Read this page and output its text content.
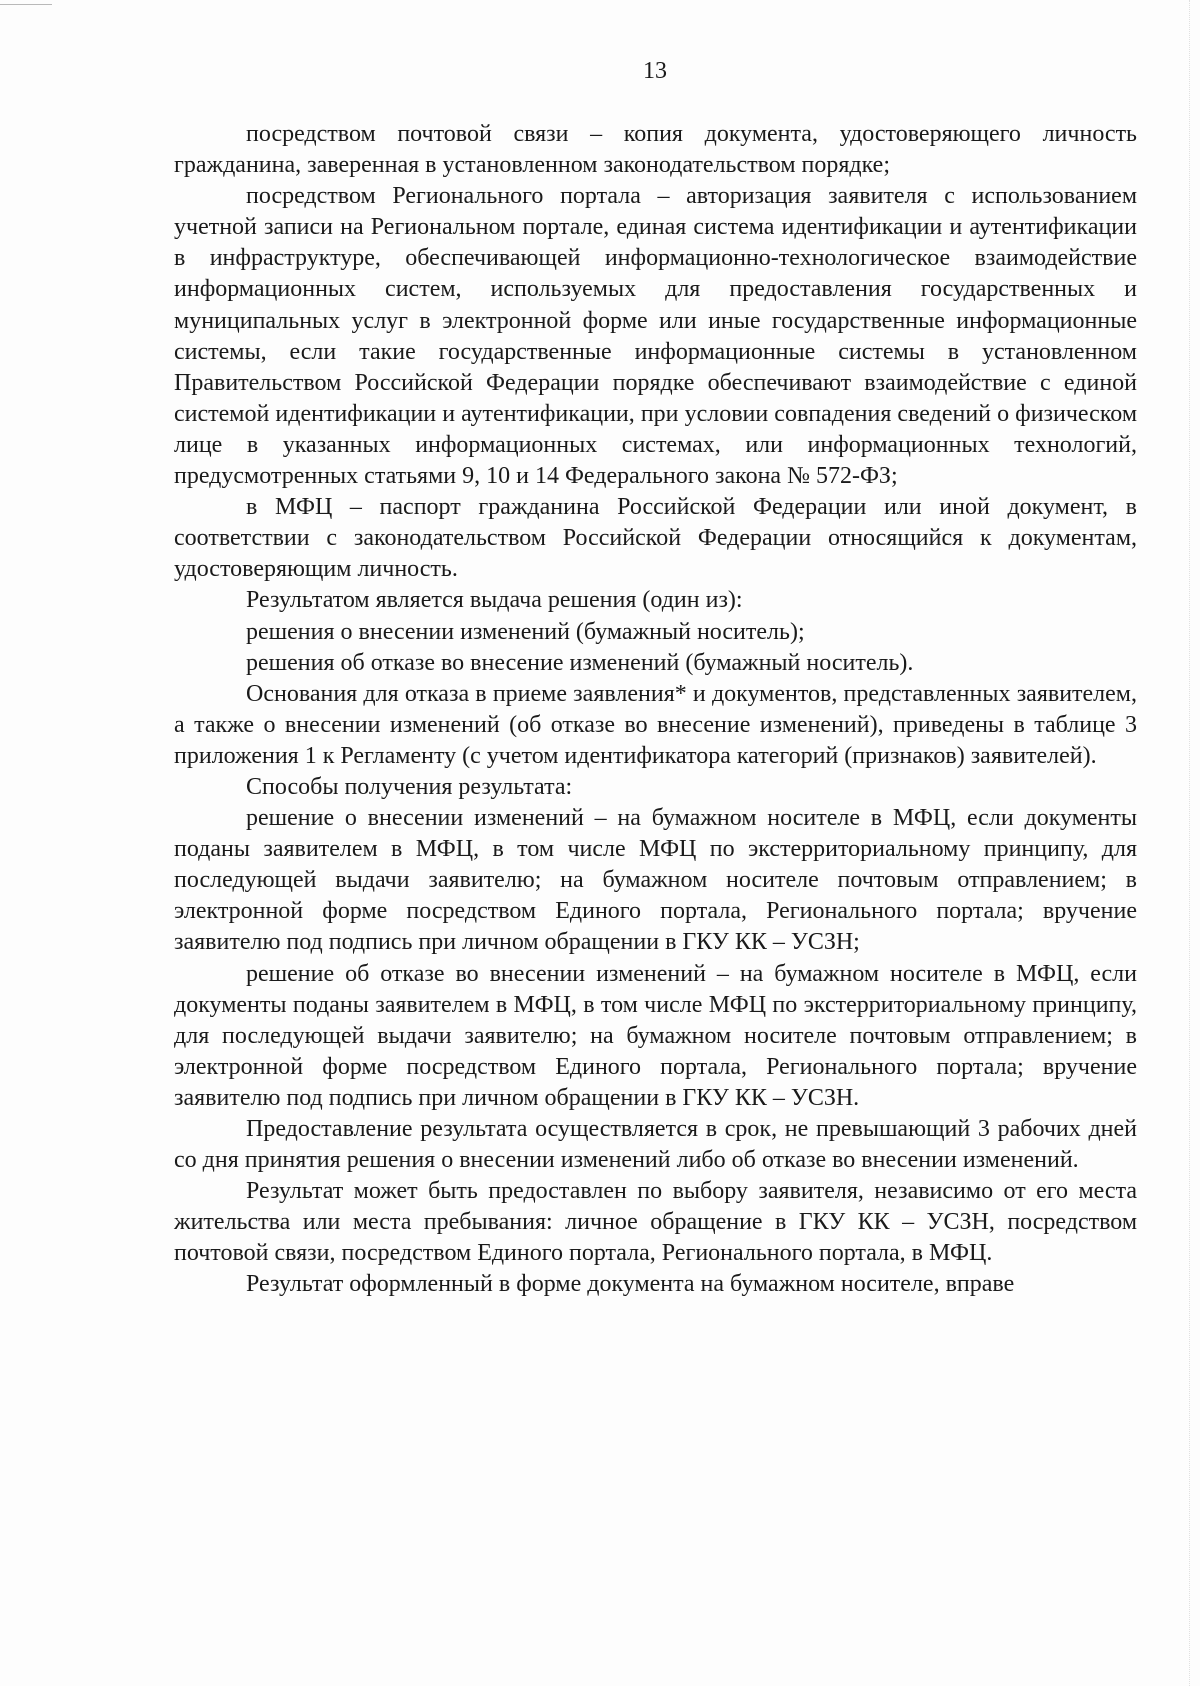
13

посредством почтовой связи – копия документа, удостоверяющего личность гражданина, заверенная в установленном законодательством порядке;

посредством Регионального портала – авторизация заявителя с использованием учетной записи на Региональном портале, единая система идентификации и аутентификации в инфраструктуре, обеспечивающей информационно-технологическое взаимодействие информационных систем, используемых для предоставления государственных и муниципальных услуг в электронной форме или иные государственные информационные системы, если такие государственные информационные системы в установленном Правительством Российской Федерации порядке обеспечивают взаимодействие с единой системой идентификации и аутентификации, при условии совпадения сведений о физическом лице в указанных информационных системах, или информационных технологий, предусмотренных статьями 9, 10 и 14 Федерального закона № 572-ФЗ;

в МФЦ – паспорт гражданина Российской Федерации или иной документ, в соответствии с законодательством Российской Федерации относящийся к документам, удостоверяющим личность.

Результатом является выдача решения (один из):

решения о внесении изменений (бумажный носитель);

решения об отказе во внесение изменений (бумажный носитель).

Основания для отказа в приеме заявления* и документов, представленных заявителем, а также о внесении изменений (об отказе во внесение изменений), приведены в таблице 3 приложения 1 к Регламенту (с учетом идентификатора категорий (признаков) заявителей).

Способы получения результата:

решение о внесении изменений – на бумажном носителе в МФЦ, если документы поданы заявителем в МФЦ, в том числе МФЦ по экстерриториальному принципу, для последующей выдачи заявителю; на бумажном носителе почтовым отправлением; в электронной форме посредством Единого портала, Регионального портала; вручение заявителю под подпись при личном обращении в ГКУ КК – УСЗН;

решение об отказе во внесении изменений – на бумажном носителе в МФЦ, если документы поданы заявителем в МФЦ, в том числе МФЦ по экстерриториальному принципу, для последующей выдачи заявителю; на бумажном носителе почтовым отправлением; в электронной форме посредством Единого портала, Регионального портала; вручение заявителю под подпись при личном обращении в ГКУ КК – УСЗН.

Предоставление результата осуществляется в срок, не превышающий 3 рабочих дней со дня принятия решения о внесении изменений либо об отказе во внесении изменений.

Результат может быть предоставлен по выбору заявителя, независимо от его места жительства или места пребывания: личное обращение в ГКУ КК – УСЗН, посредством почтовой связи, посредством Единого портала, Регионального портала, в МФЦ.

Результат оформленный в форме документа на бумажном носителе, вправе
